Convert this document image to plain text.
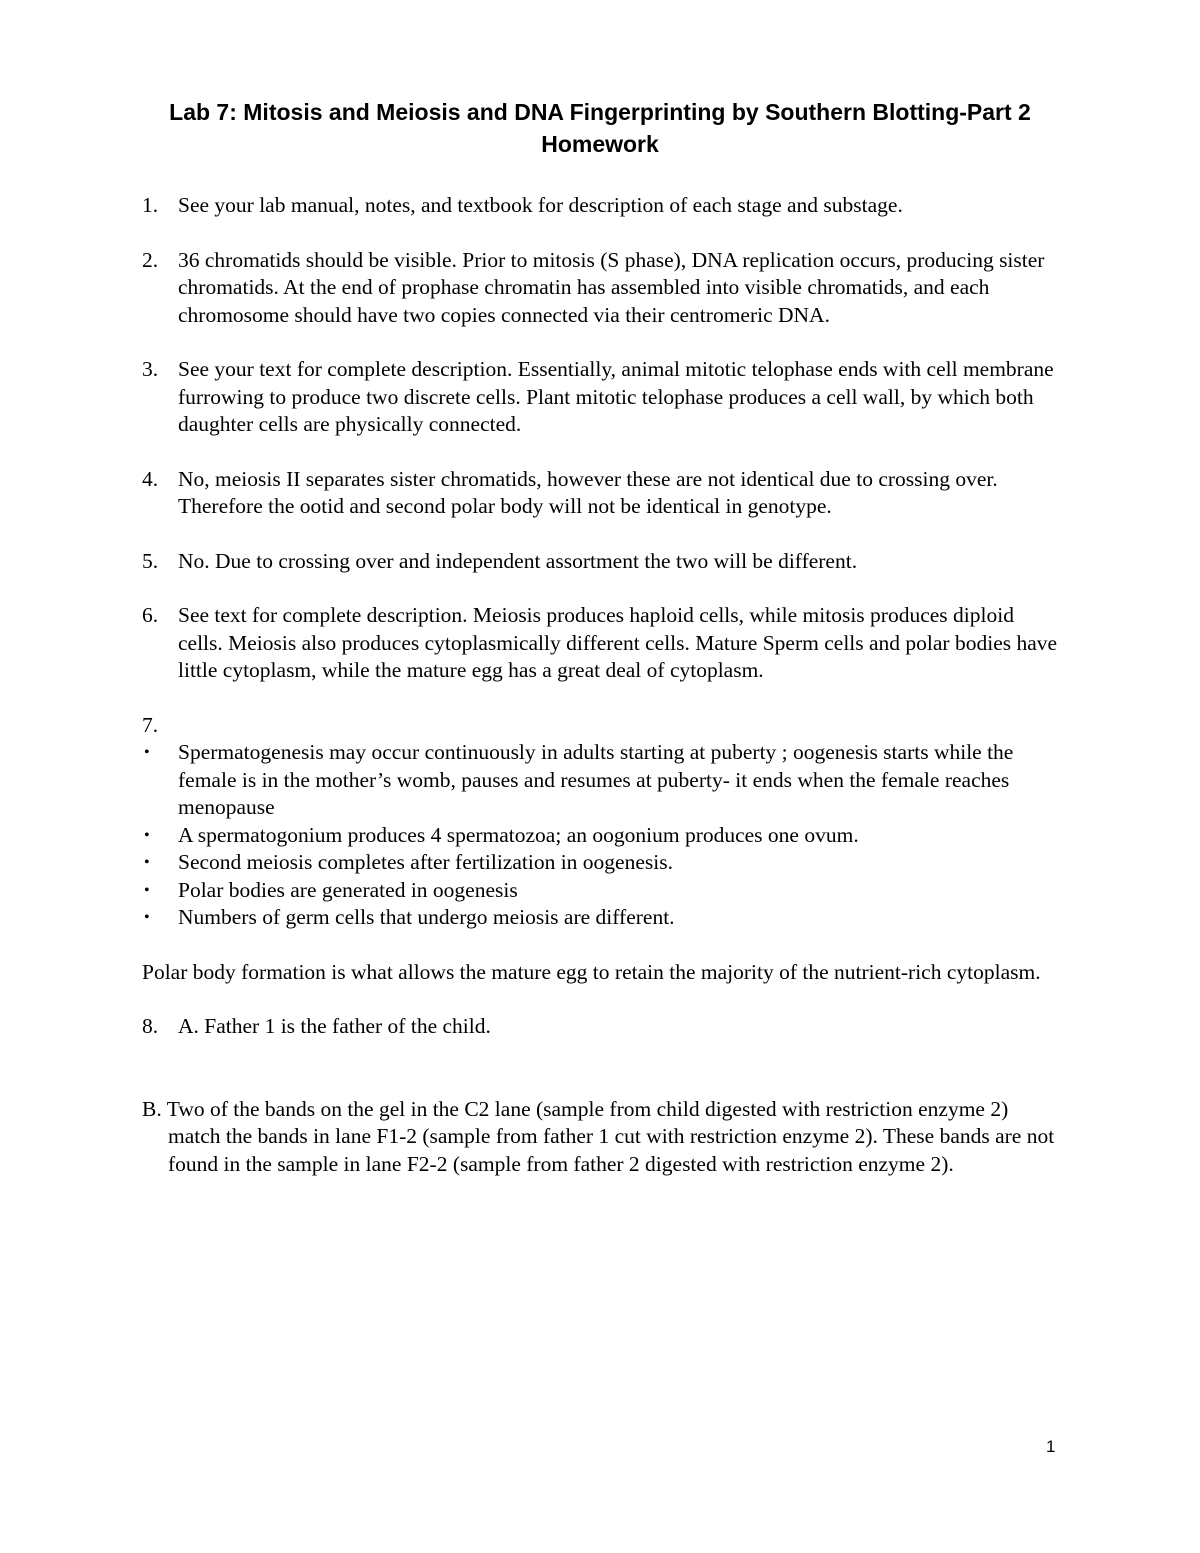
Lab 7: Mitosis and Meiosis and DNA Fingerprinting by Southern Blotting-Part 2
Homework
1. See your lab manual, notes, and textbook for description of each stage and substage.
2. 36 chromatids should be visible. Prior to mitosis (S phase), DNA replication occurs, producing sister chromatids. At the end of prophase chromatin has assembled into visible chromatids, and each chromosome should have two copies connected via their centromeric DNA.
3. See your text for complete description. Essentially, animal mitotic telophase ends with cell membrane furrowing to produce two discrete cells. Plant mitotic telophase produces a cell wall, by which both daughter cells are physically connected.
4. No, meiosis II separates sister chromatids, however these are not identical due to crossing over. Therefore the ootid and second polar body will not be identical in genotype.
5. No. Due to crossing over and independent assortment the two will be different.
6. See text for complete description. Meiosis produces haploid cells, while mitosis produces diploid cells. Meiosis also produces cytoplasmically different cells. Mature Sperm cells and polar bodies have little cytoplasm, while the mature egg has a great deal of cytoplasm.
7.

• Spermatogenesis may occur continuously in adults starting at puberty ; oogenesis starts while the female is in the mother’s womb, pauses and resumes at puberty- it ends when the female reaches menopause
• A spermatogonium produces 4 spermatozoa; an oogonium produces one ovum.
• Second meiosis completes after fertilization in oogenesis.
• Polar bodies are generated in oogenesis
• Numbers of germ cells that undergo meiosis are different.
Polar body formation is what allows the mature egg to retain the majority of the nutrient-rich cytoplasm.
8. A. Father 1 is the father of the child.
B. Two of the bands on the gel in the C2 lane (sample from child digested with restriction enzyme 2) match the bands in lane F1-2 (sample from father 1 cut with restriction enzyme 2). These bands are not found in the sample in lane F2-2 (sample from father 2 digested with restriction enzyme 2).
1
